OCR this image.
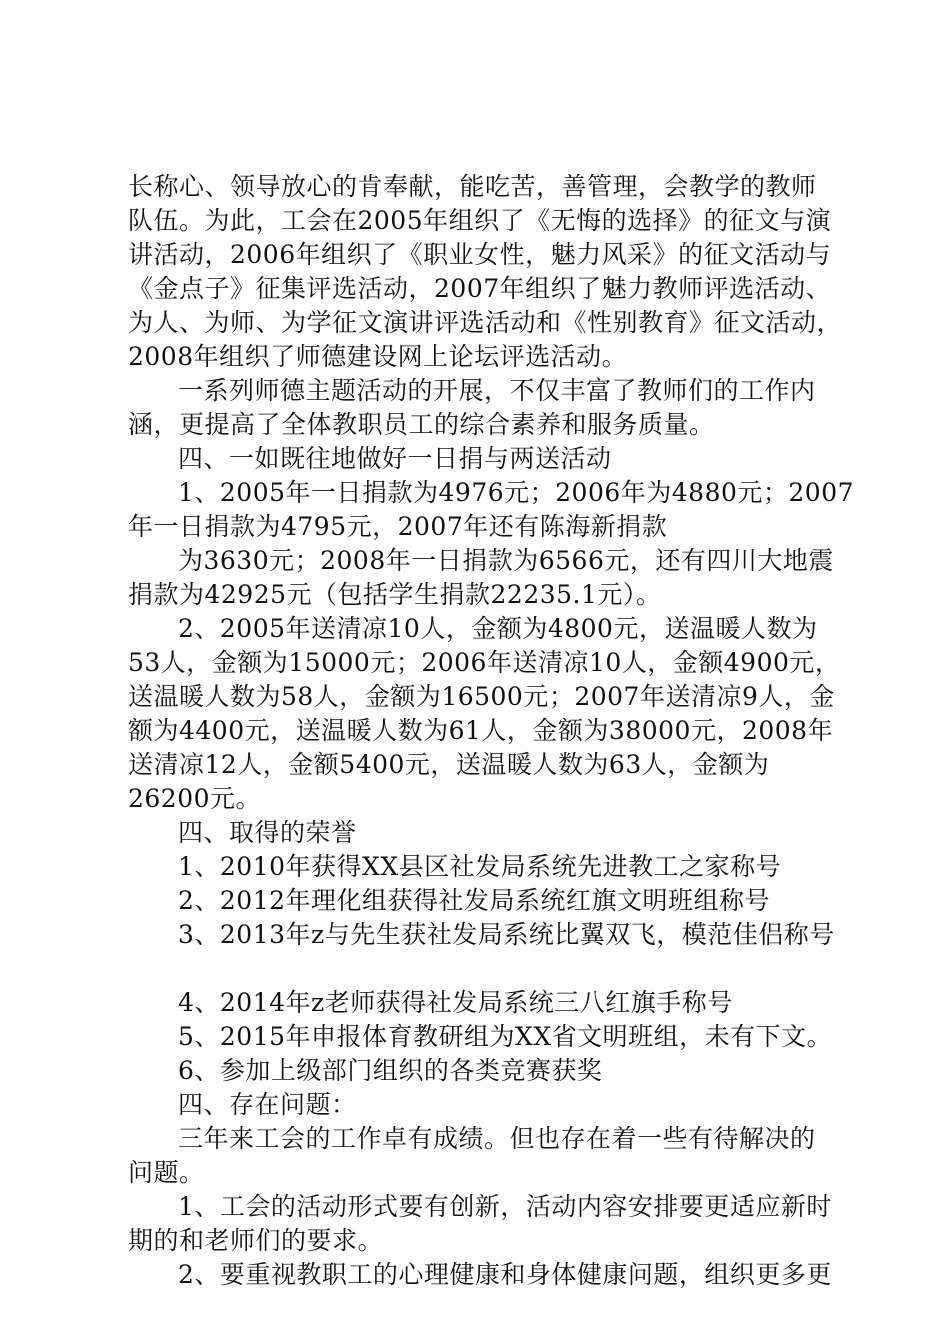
长称心、领导放心的肯奉献，能吃苦，善管理，会教学的教师
队伍。为此，工会在2005年组织了《无悔的选择》的征文与演
讲活动，2006年组织了《职业女性，魅力风采》的征文活动与
《金点子》征集评选活动，2007年组织了魅力教师评选活动、
为人、为师、为学征文演讲评选活动和《性别教育》征文活动，
2008年组织了师德建设网上论坛评选活动。
一系列师德主题活动的开展，不仅丰富了教师们的工作内
涵，更提高了全体教职员工的综合素养和服务质量。
四、一如既往地做好一日捐与两送活动
1、2005年一日捐款为4976元；2006年为4880元；2007
年一日捐款为4795元，2007年还有陈海新捐款
为3630元；2008年一日捐款为6566元，还有四川大地震
捐款为42925元（包括学生捐款22235.1元）。
2、2005年送清凉10人，金额为4800元，送温暖人数为
53人，金额为15000元；2006年送清凉10人，金额4900元，
送温暖人数为58人，金额为16500元；2007年送清凉9人，金
额为4400元，送温暖人数为61人，金额为38000元，2008年
送清凉12人，金额5400元，送温暖人数为63人，金额为
26200元。
四、取得的荣誉
1、2010年获得XX县区社发局系统先进教工之家称号
2、2012年理化组获得社发局系统红旗文明班组称号
3、2013年z与先生获社发局系统比翼双飞，模范佳侣称号
4、2014年z老师获得社发局系统三八红旗手称号
5、2015年申报体育教研组为XX省文明班组，未有下文。
6、参加上级部门组织的各类竞赛获奖
四、存在问题：
三年来工会的工作卓有成绩。但也存在着一些有待解决的
问题。
1、工会的活动形式要有创新，活动内容安排要更适应新时
期的和老师们的要求。
2、要重视教职工的心理健康和身体健康问题，组织更多更
